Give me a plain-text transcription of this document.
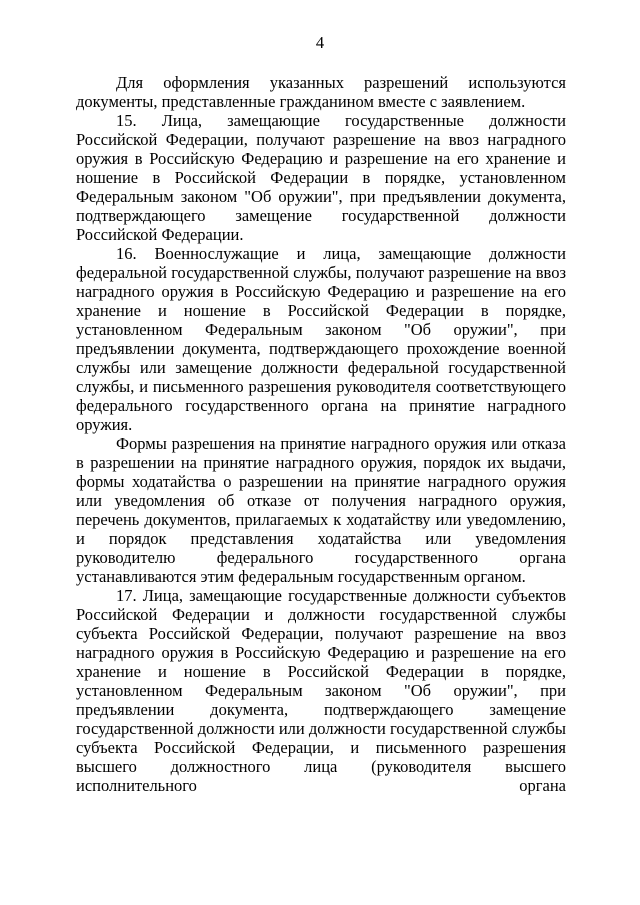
4

Для оформления указанных разрешений используются документы, представленные гражданином вместе с заявлением.

15. Лица, замещающие государственные должности Российской Федерации, получают разрешение на ввоз наградного оружия в Российскую Федерацию и разрешение на его хранение и ношение в Российской Федерации в порядке, установленном Федеральным законом "Об оружии", при предъявлении документа, подтверждающего замещение государственной должности Российской Федерации.

16. Военнослужащие и лица, замещающие должности федеральной государственной службы, получают разрешение на ввоз наградного оружия в Российскую Федерацию и разрешение на его хранение и ношение в Российской Федерации в порядке, установленном Федеральным законом "Об оружии", при предъявлении документа, подтверждающего прохождение военной службы или замещение должности федеральной государственной службы, и письменного разрешения руководителя соответствующего федерального государственного органа на принятие наградного оружия.

Формы разрешения на принятие наградного оружия или отказа в разрешении на принятие наградного оружия, порядок их выдачи, формы ходатайства о разрешении на принятие наградного оружия или уведомления об отказе от получения наградного оружия, перечень документов, прилагаемых к ходатайству или уведомлению, и порядок представления ходатайства или уведомления руководителю федерального государственного органа устанавливаются этим федеральным государственным органом.

17. Лица, замещающие государственные должности субъектов Российской Федерации и должности государственной службы субъекта Российской Федерации, получают разрешение на ввоз наградного оружия в Российскую Федерацию и разрешение на его хранение и ношение в Российской Федерации в порядке, установленном Федеральным законом "Об оружии", при предъявлении документа, подтверждающего замещение государственной должности или должности государственной службы субъекта Российской Федерации, и письменного разрешения высшего должностного лица (руководителя высшего исполнительного органа
